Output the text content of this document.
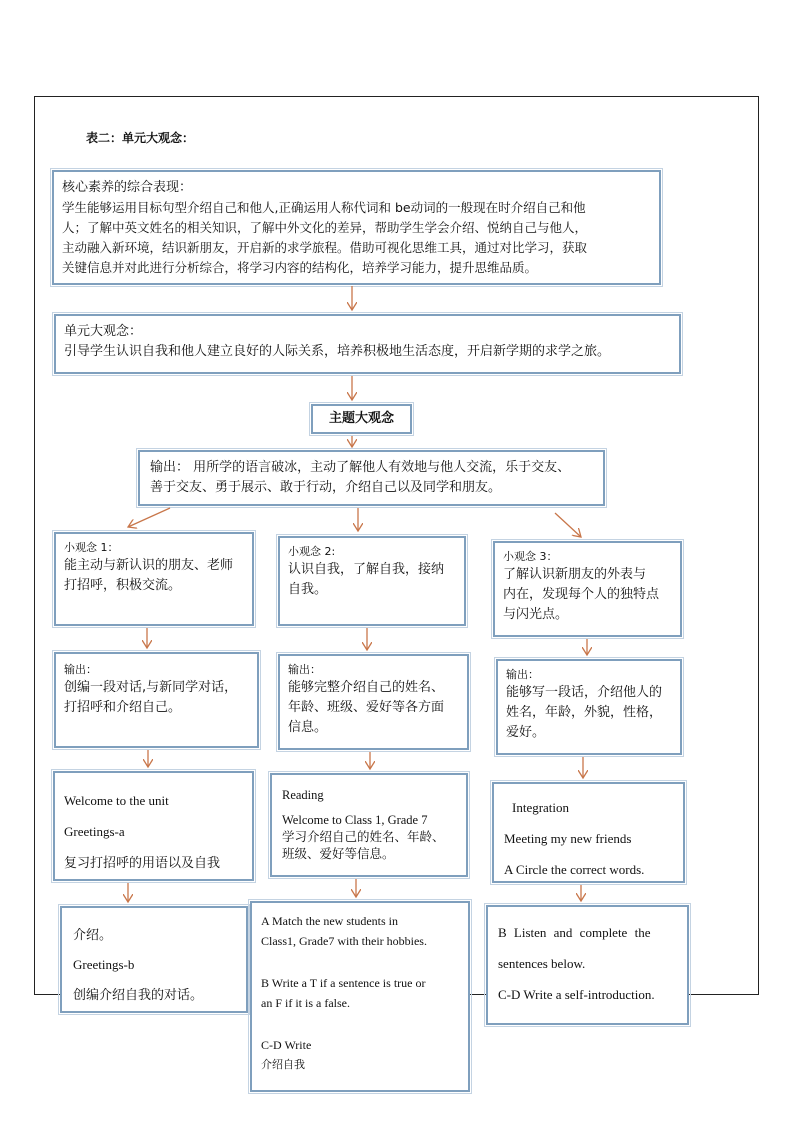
表二：单元大观念：
核心素养的综合表现：
学生能够运用目标句型介绍自己和他人,正确运用人称代词和 be动词的一般现在时介绍自己和他
人；了解中英文姓名的相关知识，了解中外文化的差异，帮助学生学会介绍、悦纳自己与他人，
主动融入新环境，结识新朋友，开启新的求学旅程。借助可视化思维工具，通过对比学习，获取
关键信息并对此进行分析综合，将学习内容的结构化，培养学习能力，提升思维品质。
单元大观念：
引导学生认识自我和他人建立良好的人际关系，培养积极地生活态度，开启新学期的求学之旅。
主题大观念
输出： 用所学的语言破冰，主动了解他人有效地与他人交流，乐于交友、
善于交友、勇于展示、敢于行动，介绍自己以及同学和朋友。
小观念 1：
能主动与新认识的朋友、老师
打招呼，积极交流。
输出：
创编一段对话,与新同学对话，
打招呼和介绍自己。
Welcome to the unit
Greetings-a
复习打招呼的用语以及自我
介绍。
Greetings-b
创编介绍自我的对话。
小观念 2:
认识自我，了解自我，接纳
自我。
输出：
能够完整介绍自己的姓名、
年龄、班级、爱好等各方面
信息。
Reading
Welcome to Class 1, Grade 7
学习介绍自己的姓名、年龄、
班级、爱好等信息。
A Match the new students in
Class1, Grade7 with their hobbies.
B Write a T if a sentence is true or
an F if it is a false.
C-D Write
介绍自我
小观念 3：
了解认识新朋友的外表与
内在，发现每个人的独特点
与闪光点。
输出：
能够写一段话，介绍他人的
姓名，年龄，外貌，性格，
爱好。
Integration
Meeting my new friends
A Circle the correct words.
B Listen and complete the
sentences below.
C-D Write a self-introduction.
